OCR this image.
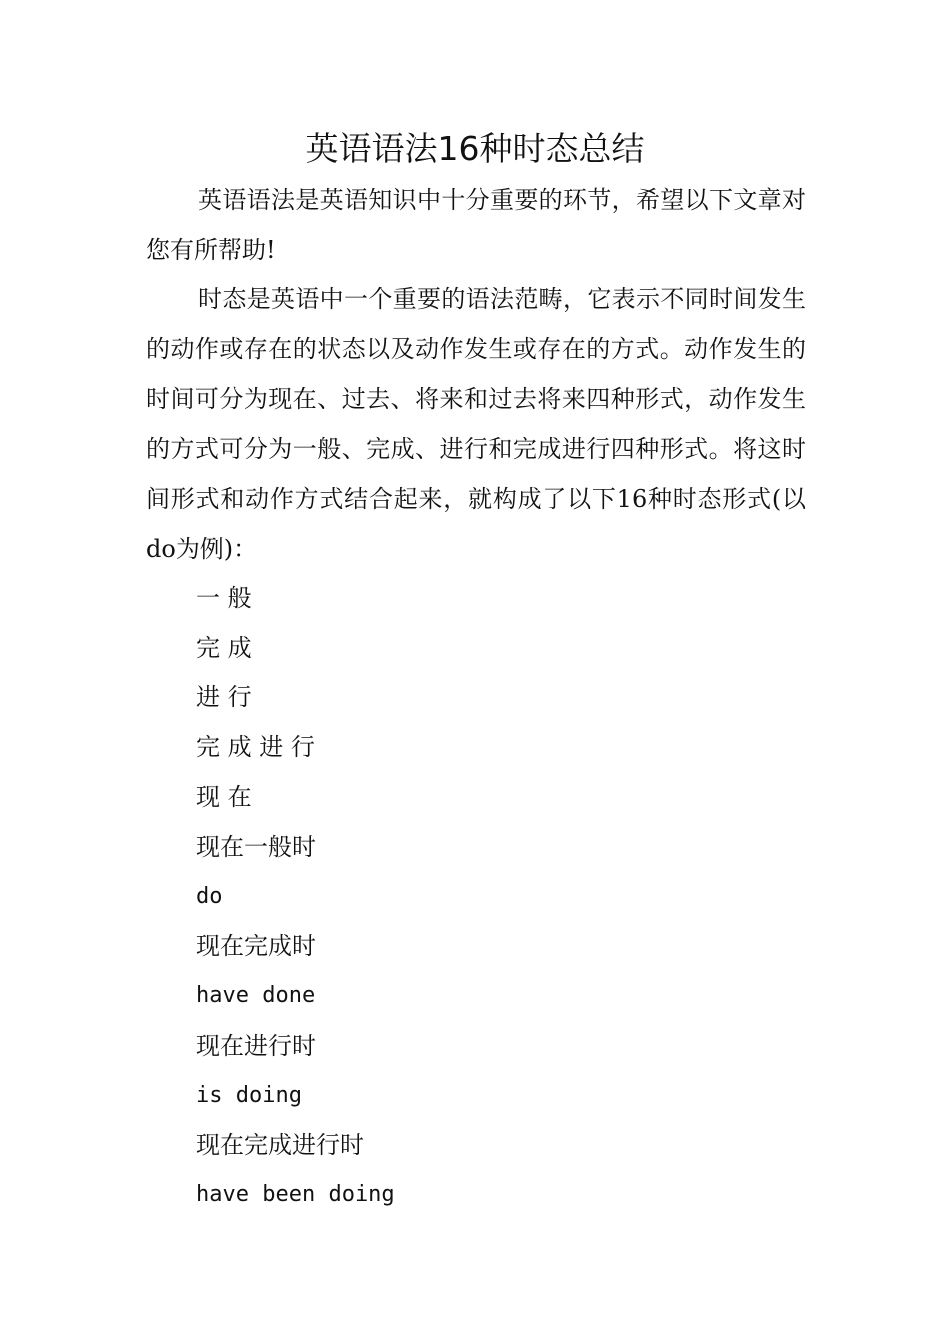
英语语法16种时态总结

英语语法是英语知识中十分重要的环节，希望以下文章对您有所帮助!

时态是英语中一个重要的语法范畴，它表示不同时间发生的动作或存在的状态以及动作发生或存在的方式。动作发生的时间可分为现在、过去、将来和过去将来四种形式，动作发生的方式可分为一般、完成、进行和完成进行四种形式。将这时间形式和动作方式结合起来，就构成了以下16种时态形式(以do为例)：

一 般
完 成
进 行
完 成 进 行
现 在
现在一般时
do
现在完成时
have done
现在进行时
is doing
现在完成进行时
have been doing
